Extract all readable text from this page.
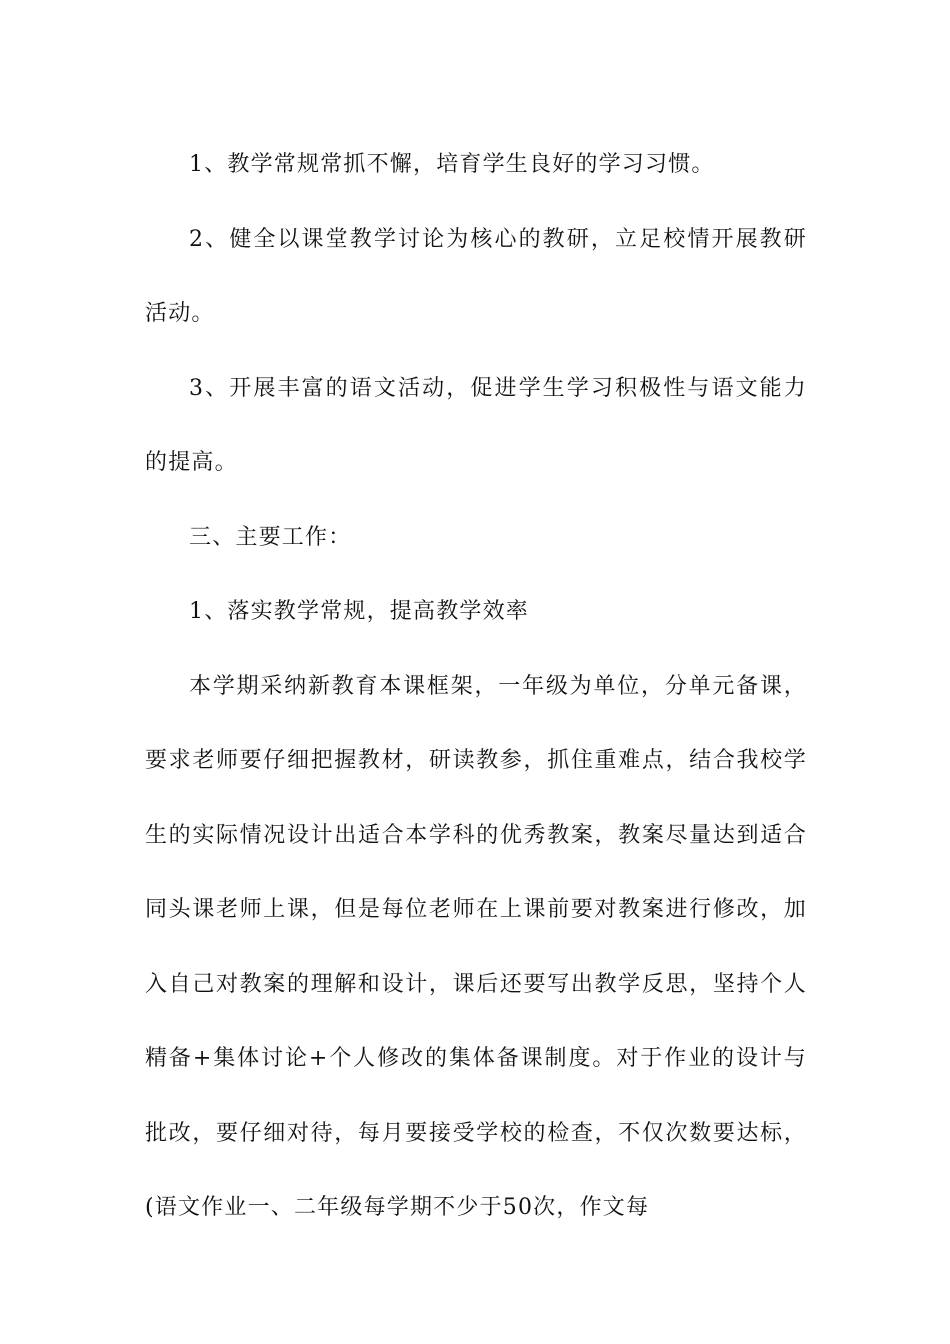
1、教学常规常抓不懈，培育学生良好的学习习惯。

2、健全以课堂教学讨论为核心的教研，立足校情开展教研活动。

3、开展丰富的语文活动，促进学生学习积极性与语文能力的提高。

三、主要工作：

1、落实教学常规，提高教学效率

本学期采纳新教育本课框架，一年级为单位，分单元备课，要求老师要仔细把握教材，研读教参，抓住重难点，结合我校学生的实际情况设计出适合本学科的优秀教案，教案尽量达到适合同头课老师上课，但是每位老师在上课前要对教案进行修改，加入自己对教案的理解和设计，课后还要写出教学反思，坚持个人精备+集体讨论+个人修改的集体备课制度。对于作业的设计与批改，要仔细对待，每月要接受学校的检查，不仅次数要达标，(语文作业一、二年级每学期不少于50次，作文每
